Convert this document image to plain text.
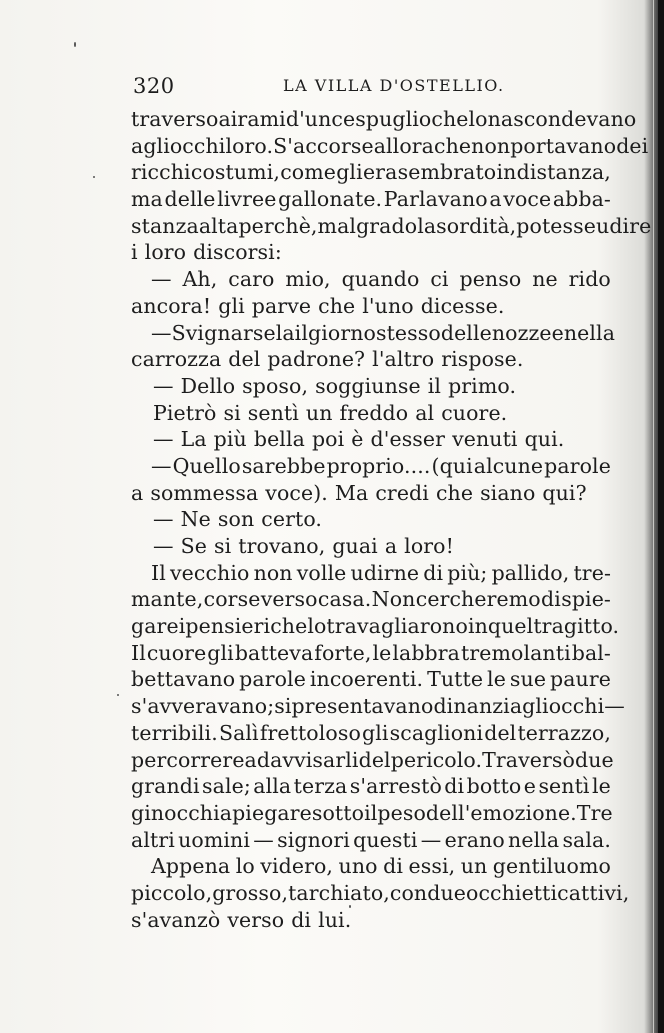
320	LA VILLA D'OSTELLIO.
traverso ai rami d'un cespuglio che lo nascondevano
agli occhi loro. S'accorse allora che non portavano dei
ricchi costumi, come gli era sembrato in distanza,
ma delle livree gallonate. Parlavano a voce abba-
stanza alta perchè, malgrado la sordità, potesse udire
i loro discorsi:
— Ah, caro mio, quando ci penso ne rido
ancora! gli parve che l'uno dicesse.
— Svignarsela il giorno stesso delle nozze e nella
carrozza del padrone? l'altro rispose.
— Dello sposo, soggiunse il primo.
Pietrò si sentì un freddo al cuore.
— La più bella poi è d'esser venuti qui.
— Quello sarebbe proprio.... (qui alcune parole
a sommessa voce). Ma credi che siano qui?
— Ne son certo.
— Se si trovano, guai a loro!
Il vecchio non volle udirne di più; pallido, tre-
mante, corse verso casa. Non cercheremo di spie-
gare i pensieri che lo travagliarono in quel tragitto.
Il cuore gli batteva forte, le labbra tremolanti bal-
bettavano parole incoerenti. Tutte le sue paure
s'avveravano; si presentavano dinanzi agli occhi —
terribili. Salì frettoloso gli scaglioni del terrazzo,
per correre ad avvisarli del pericolo. Traversò due
grandi sale; alla terza s'arrestò di botto e sentì le
ginocchia piegare sotto il peso dell'emozione. Tre
altri uomini — signori questi — erano nella sala.
Appena lo videro, uno di essi, un gentiluomo
piccolo, grosso, tarchiato, con due occhietti cattivi,
s'avanzò verso di lui.
